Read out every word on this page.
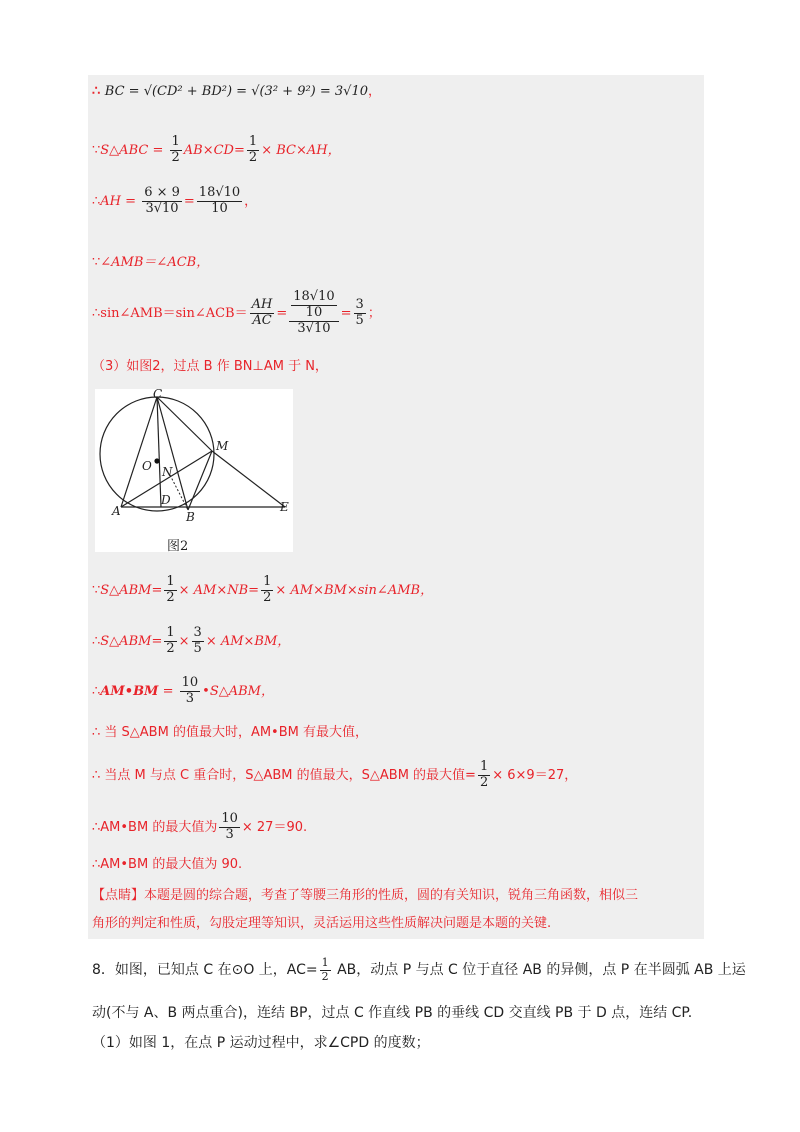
∴ BC = √(CD² + BD²) = √(3² + 9²) = 3√10，
∵S△ABC = $\frac{1}{2} AB\times CD= \frac{1}{2} \times BC\times AH$，
∴AH = $\frac{6 \times 9}{3√10} = \frac{18√10}{10}$ ，
∵∠AMB＝∠ACB，
∴sin∠AMB＝sin∠ACB＝ $\frac{AH}{AC} = \frac{\frac{18√10}{10}}{3√10} = \frac{3}{5}$ ；
（3）如图2，过点 B 作 BN⊥AM 于 N，
C
M
O N
D
A	B
E
图2
∵S△ABM= $\frac{1}{2} \times AM\times NB= \frac{1}{2}$ × AM×BM×sin∠AMB，
∴S△ABM= $\frac{1}{2} \times \frac{3}{5} \times AM\times BM$，
∴AM•BM = $\frac{10}{3}$ •S△ABM，
∴ 当 S△ABM 的值最大时，AM•BM 有最大值，
∴ 当点 M 与点 C 重合时，S△ABM 的值最大，S△ABM 的最大值= $\frac{1}{2} \times 6\times 9=27$，
∴AM•BM 的最大值为 $\frac{10}{3} \times 27=90$.
∴AM•BM 的最大值为 90.
【点睛】本题是圆的综合题，考查了等腰三角形的性质，圆的有关知识，锐角三角函数，相似三
角形的判定和性质，勾股定理等知识，灵活运用这些性质解决问题是本题的关键.
8．如图，已知点 C 在⊙O 上，$AC= \frac{1}{2}$ AB，动点 P 与点 C 位于直径 AB 的异侧，点 P 在半圆弧 AB 上运
动(不与 A、B 两点重合)，连结 BP，过点 C 作直线 PB 的垂线 CD 交直线 PB 于 D 点，连结 CP.
（1）如图 1，在点 P 运动过程中，求∠CPD 的度数；
